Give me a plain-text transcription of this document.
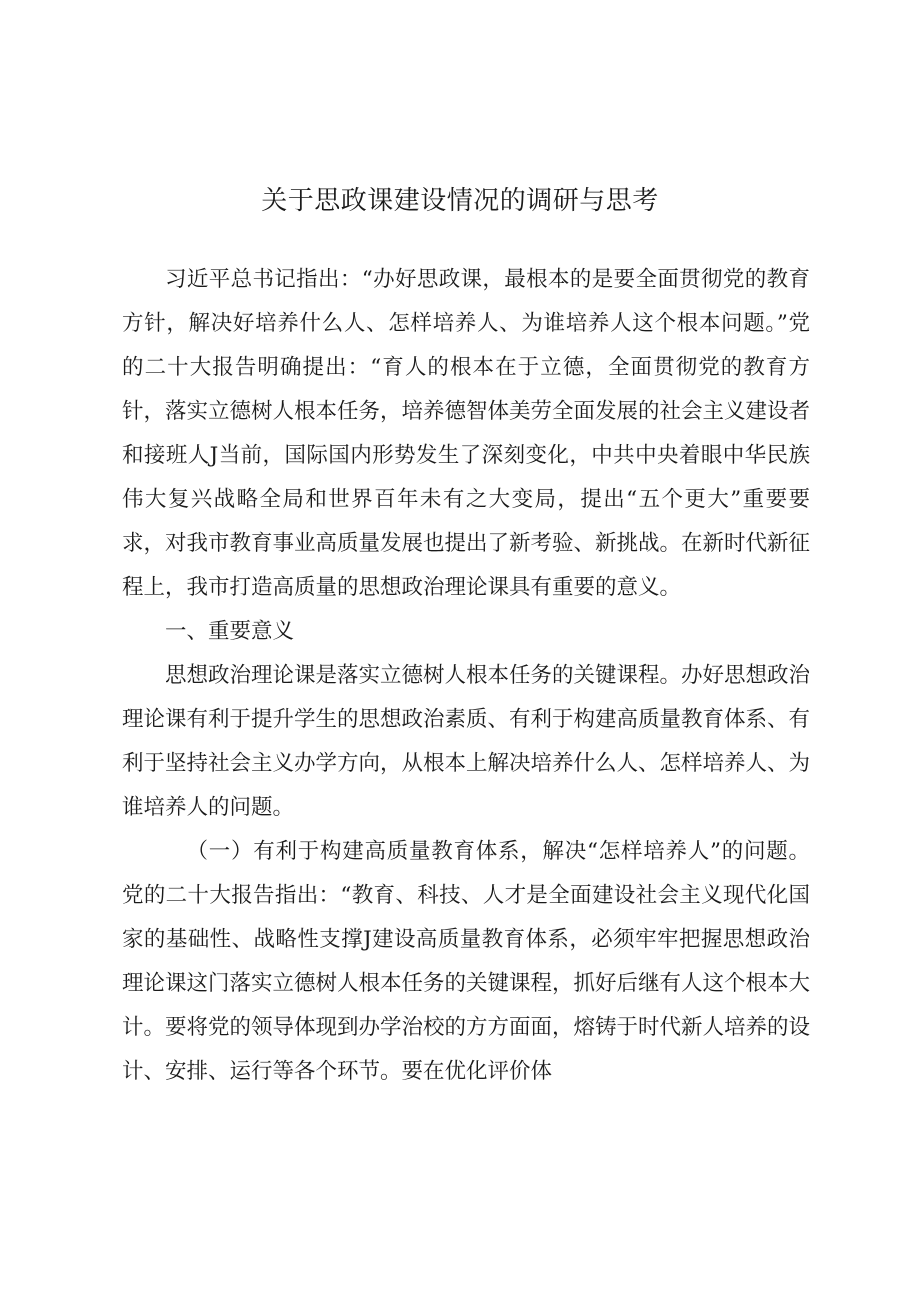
关于思政课建设情况的调研与思考

习近平总书记指出：“办好思政课，最根本的是要全面贯彻党的教育方针，解决好培养什么人、怎样培养人、为谁培养人这个根本问题。”党的二十大报告明确提出：“育人的根本在于立德，全面贯彻党的教育方针，落实立德树人根本任务，培养德智体美劳全面发展的社会主义建设者和接班人J当前，国际国内形势发生了深刻变化，中共中央着眼中华民族伟大复兴战略全局和世界百年未有之大变局，提出“五个更大”重要要求，对我市教育事业高质量发展也提出了新考验、新挑战。在新时代新征程上，我市打造高质量的思想政治理论课具有重要的意义。

一、重要意义

思想政治理论课是落实立德树人根本任务的关键课程。办好思想政治理论课有利于提升学生的思想政治素质、有利于构建高质量教育体系、有利于坚持社会主义办学方向，从根本上解决培养什么人、怎样培养人、为谁培养人的问题。

（一）有利于构建高质量教育体系，解决“怎样培养人”的问题。党的二十大报告指出：“教育、科技、人才是全面建设社会主义现代化国家的基础性、战略性支撑J建设高质量教育体系，必须牢牢把握思想政治理论课这门落实立德树人根本任务的关键课程，抓好后继有人这个根本大计。要将党的领导体现到办学治校的方方面面，熔铸于时代新人培养的设计、安排、运行等各个环节。要在优化评价体
